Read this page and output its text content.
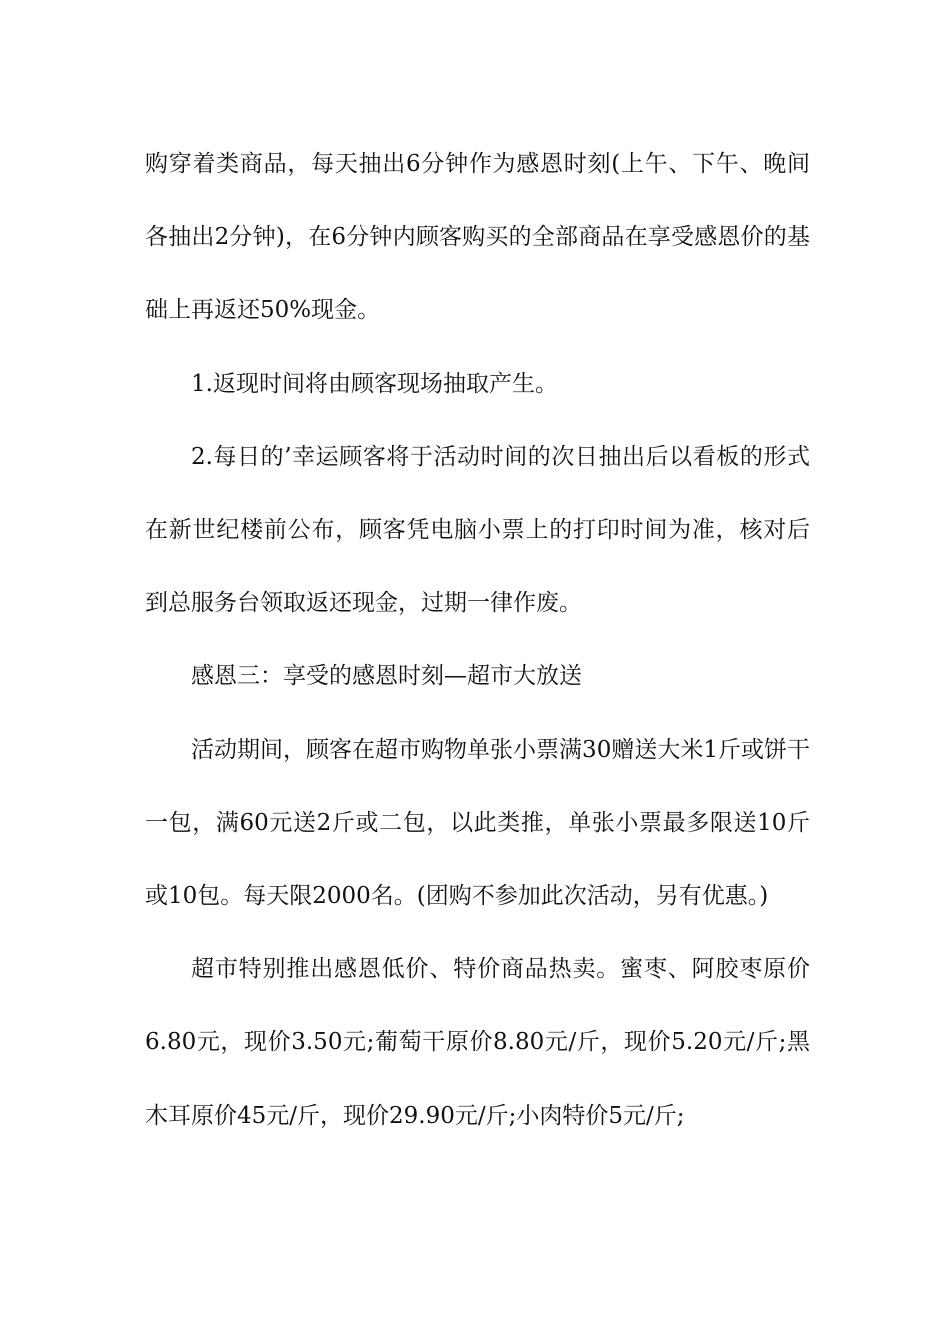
购穿着类商品，每天抽出6分钟作为感恩时刻(上午、下午、晚间各抽出2分钟)，在6分钟内顾客购买的全部商品在享受感恩价的基础上再返还50%现金。

1.返现时间将由顾客现场抽取产生。

2.每日的’幸运顾客将于活动时间的次日抽出后以看板的形式在新世纪楼前公布，顾客凭电脑小票上的打印时间为准，核对后到总服务台领取返还现金，过期一律作废。

感恩三：享受的感恩时刻—超市大放送

活动期间，顾客在超市购物单张小票满30赠送大米1斤或饼干一包，满60元送2斤或二包，以此类推，单张小票最多限送10斤或10包。每天限2000名。(团购不参加此次活动，另有优惠。)

超市特别推出感恩低价、特价商品热卖。蜜枣、阿胶枣原价6.80元，现价3.50元;葡萄干原价8.80元/斤，现价5.20元/斤;黑木耳原价45元/斤，现价29.90元/斤;小肉特价5元/斤;
